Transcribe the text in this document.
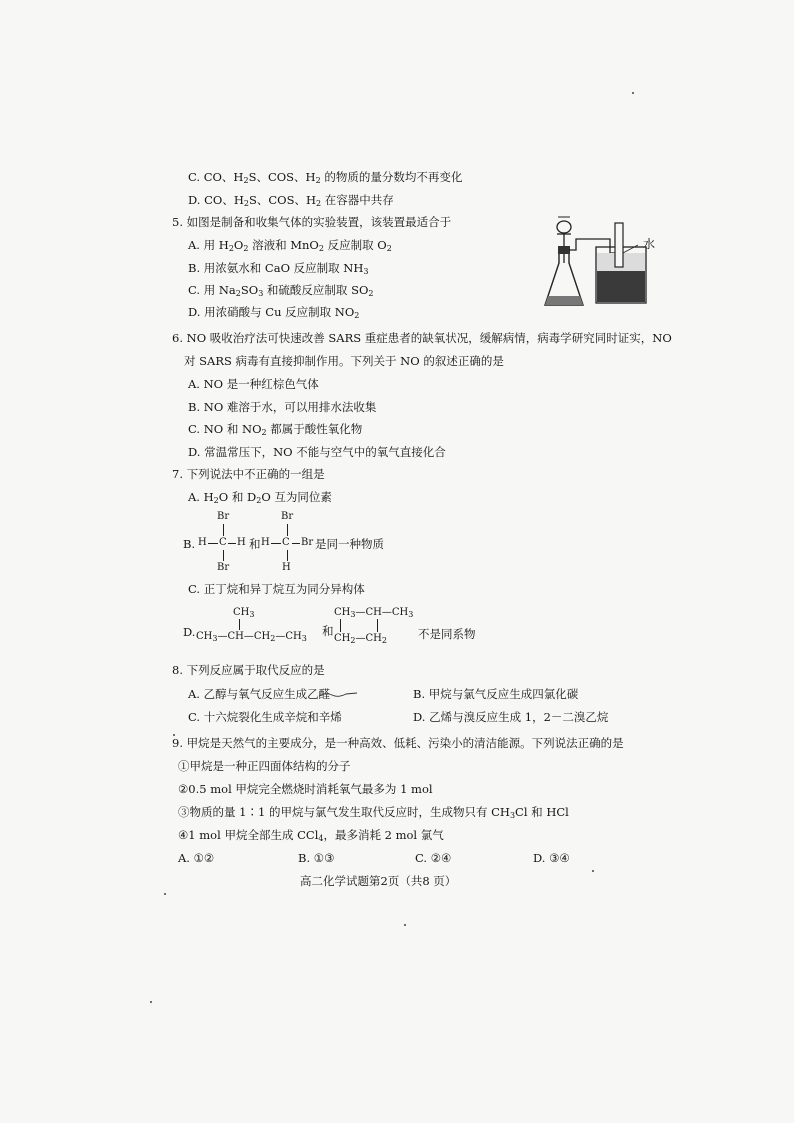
C. CO、$H_2S$、COS、$H_2$ 的物质的量分数均不再变化
D. CO、$H_2S$、COS、$H_2$ 在容器中共存
5. 如图是制备和收集气体的实验装置，该装置最适合于
A. 用 $H_2O_2$ 溶液和 MnO$_2$ 反应制取 $O_2$
B. 用浓氨水和 CaO 反应制取 $NH_3$
C. 用 $Na_2SO_3$ 和硫酸反应制取 $SO_2$
D. 用浓硝酸与 Cu 反应制取 $NO_2$
水
6. NO 吸收治疗法可快速改善 SARS 重症患者的缺氧状况，缓解病情，病毒学研究同时证实，NO
对 SARS 病毒有直接抑制作用。下列关于 NO 的叙述正确的是
A. NO 是一种红棕色气体
B. NO 难溶于水，可以用排水法收集
C. NO 和 $NO_2$ 都属于酸性氧化物
D. 常温常压下，NO 不能与空气中的氧气直接化合
7. 下列说法中不正确的一组是
A. $H_2O$ 和 $D_2O$ 互为同位素
B.
Br
H C H
Br
和
Br
H C Br
H
是同一种物质
C. 正丁烷和异丁烷互为同分异构体
D.
$CH_3$
$CH_3—CH—CH_2—CH_3$
和
$CH_3—CH—CH_3$
$CH_2—CH_2$	不是同系物
8. 下列反应属于取代反应的是
A. 乙醇与氧气反应生成乙醛	B. 甲烷与氯气反应生成四氯化碳
C. 十六烷裂化生成辛烷和辛烯	D. 乙烯与溴反应生成 1，2－二溴乙烷
9. 甲烷是天然气的主要成分，是一种高效、低耗、污染小的清洁能源。下列说法正确的是
①甲烷是一种正四面体结构的分子
②0.5 mol 甲烷完全燃烧时消耗氧气最多为 1 mol
③物质的量 1∶1 的甲烷与氯气发生取代反应时，生成物只有 $CH_3Cl$ 和 HCl
④1 mol 甲烷全部生成 CCl$_4$，最多消耗 2 mol 氯气
A. ①②	B. ①③	C. ②④	D. ③④
高二化学试题第2页（共8 页）
